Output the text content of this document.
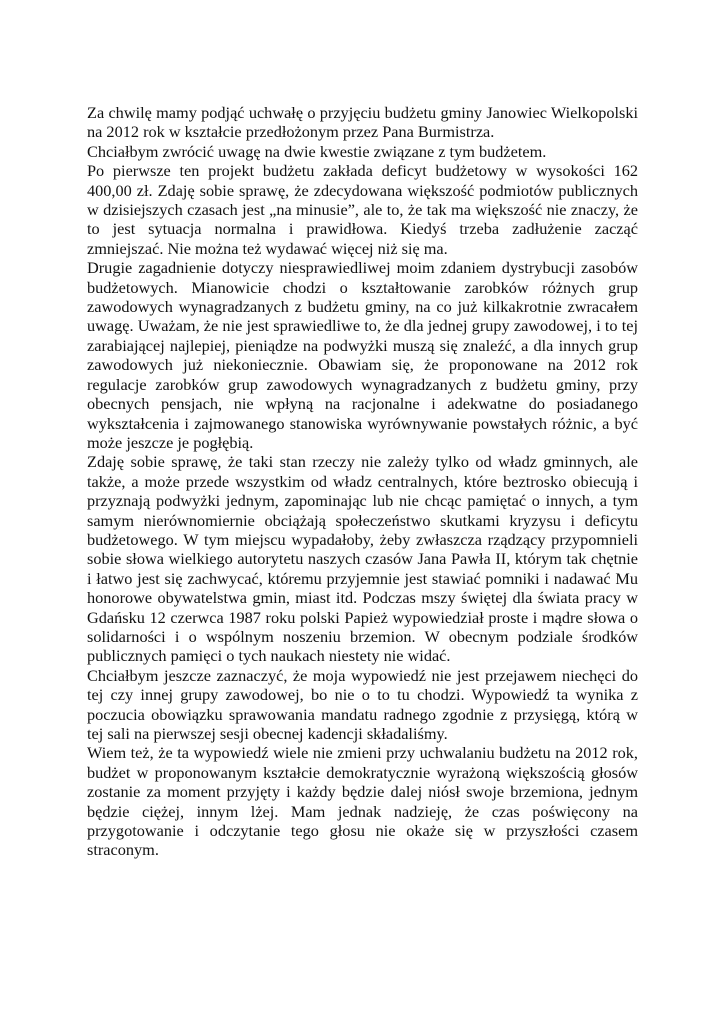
Za chwilę mamy podjąć uchwałę o przyjęciu budżetu gminy Janowiec Wielkopolski na 2012 rok w kształcie przedłożonym przez Pana Burmistrza.

Chciałbym zwrócić uwagę na dwie kwestie związane z tym budżetem.

Po pierwsze ten projekt budżetu zakłada deficyt budżetowy w wysokości 162 400,00 zł. Zdaję sobie sprawę, że zdecydowana większość podmiotów publicznych w dzisiejszych czasach jest „na minusie”, ale to, że tak ma większość nie znaczy, że to jest sytuacja normalna i prawidłowa. Kiedyś trzeba zadłużenie zacząć zmniejszać. Nie można też wydawać więcej niż się ma.

Drugie zagadnienie dotyczy niesprawiedliwej moim zdaniem dystrybucji zasobów budżetowych. Mianowicie chodzi o kształtowanie zarobków różnych grup zawodowych wynagradzanych z budżetu gminy, na co już kilkakrotnie zwracałem uwagę. Uważam, że nie jest sprawiedliwe to, że dla jednej grupy zawodowej, i to tej zarabiającej najlepiej, pieniądze na podwyżki muszą się znaleźć, a dla innych grup zawodowych już niekoniecznie. Obawiam się, że proponowane na 2012 rok regulacje zarobków grup zawodowych wynagradzanych z budżetu gminy, przy obecnych pensjach, nie wpłyną na racjonalne i adekwatne do posiadanego wykształcenia i zajmowanego stanowiska wyrównywanie powstałych różnic, a być może jeszcze je pogłębią.

Zdaję sobie sprawę, że taki stan rzeczy nie zależy tylko od władz gminnych, ale także, a może przede wszystkim od władz centralnych, które beztrosko obiecują i przyznają podwyżki jednym, zapominając lub nie chcąc pamiętać o innych, a tym samym nierównomiernie obciążają społeczeństwo skutkami kryzysu i deficytu budżetowego. W tym miejscu wypadałoby, żeby zwłaszcza rządzący przypomnieli sobie słowa wielkiego autorytetu naszych czasów Jana Pawła II, którym tak chętnie i łatwo jest się zachwycać, któremu przyjemnie jest stawiać pomniki i nadawać Mu honorowe obywatelstwa gmin, miast itd. Podczas mszy świętej dla świata pracy w Gdańsku 12 czerwca 1987 roku polski Papież wypowiedział proste i mądre słowa o solidarności i o wspólnym noszeniu brzemion. W obecnym podziale środków publicznych pamięci o tych naukach niestety nie widać.

Chciałbym jeszcze zaznaczyć, że moja wypowiedź nie jest przejawem niechęci do tej czy innej grupy zawodowej, bo nie o to tu chodzi. Wypowiedź ta wynika z poczucia obowiązku sprawowania mandatu radnego zgodnie z przysięgą, którą w tej sali na pierwszej sesji obecnej kadencji składaliśmy.

Wiem też, że ta wypowiedź wiele nie zmieni przy uchwalaniu budżetu na 2012 rok, budżet w proponowanym kształcie demokratycznie wyrażoną większością głosów zostanie za moment przyjęty i każdy będzie dalej niósł swoje brzemiona, jednym będzie ciężej, innym lżej. Mam jednak nadzieję, że czas poświęcony na przygotowanie i odczytanie tego głosu nie okaże się w przyszłości czasem straconym.
